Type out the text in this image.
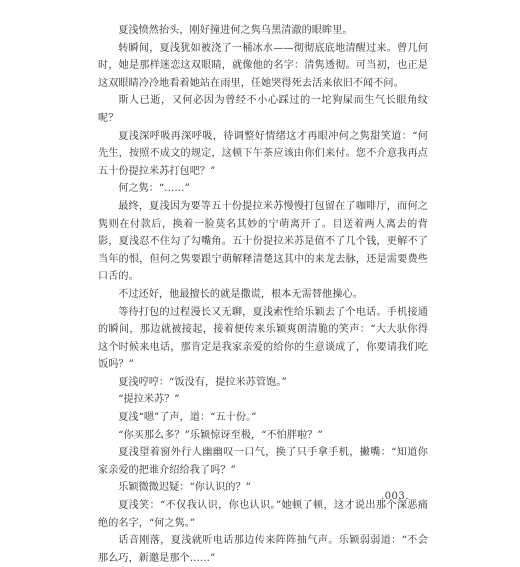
夏浅愤然抬头，刚好撞进何之隽乌黑清澈的眼眸里。

转瞬间，夏浅犹如被浇了一桶冰水——彻彻底底地清醒过来。曾几何时，她是那样迷恋这双眼睛，就像他的名字：清隽透彻。可当初，也正是这双眼睛冷冷地看着她站在雨里，任她哭得死去活来依旧不闻不问。

斯人已逝，又何必因为曾经不小心踩过的一坨狗屎而生气长眼角纹呢？

夏浅深呼吸再深呼吸，待调整好情绪这才再眼冲何之隽甜笑道：“何先生，按照不成文的规定，这顿下午茶应该由你们来付。您不介意我再点五十份提拉米苏打包吧？”

何之隽：“……”

最终，夏浅因为要等五十份提拉米苏慢慢打包留在了咖啡厅，而何之隽则在付款后，换着一脸莫名其妙的宁萌离开了。目送着两人离去的背影，夏浅忍不住勾了勾嘴角。五十份提拉米苏是值不了几个钱，更解不了当年的恨，但何之隽要跟宁萌解释清楚这其中的来龙去脉，还是需要费些口舌的。

不过还好，他最擅长的就是撒谎，根本无需替他操心。

等待打包的过程漫长又无聊，夏浅索性给乐颖去了个电话。手机接通的瞬间，那边就被接起，接着便传来乐颖爽朗清脆的笑声：“大大驮你得这个时候来电话，那肯定是我家亲爱的给你的生意谈成了，你要请我们吃饭吗？”

夏浅哼哼：“饭没有，提拉米苏管饱。”

“提拉米苏？”

夏浅“嗯”了声，道：“五十份。”

“你买那么多？”乐颖惊讶至极，“不怕胖啦？”

夏浅望着窗外行人幽幽叹一口气，换了只手拿手机，撇嘴：“知道你家亲爱的把谁介绍给我了吗？”

乐颖微微迟疑：“你认识的？”

夏浅笑：“不仅我认识，你也认识。”她顿了顿，这才说出那个深恶痛绝的名字，“何之隽。”

话音刚落，夏浅就听电话那边传来阵阵抽气声。乐颖弱弱道：“不会那么巧，新邀是那个……”

.003.
